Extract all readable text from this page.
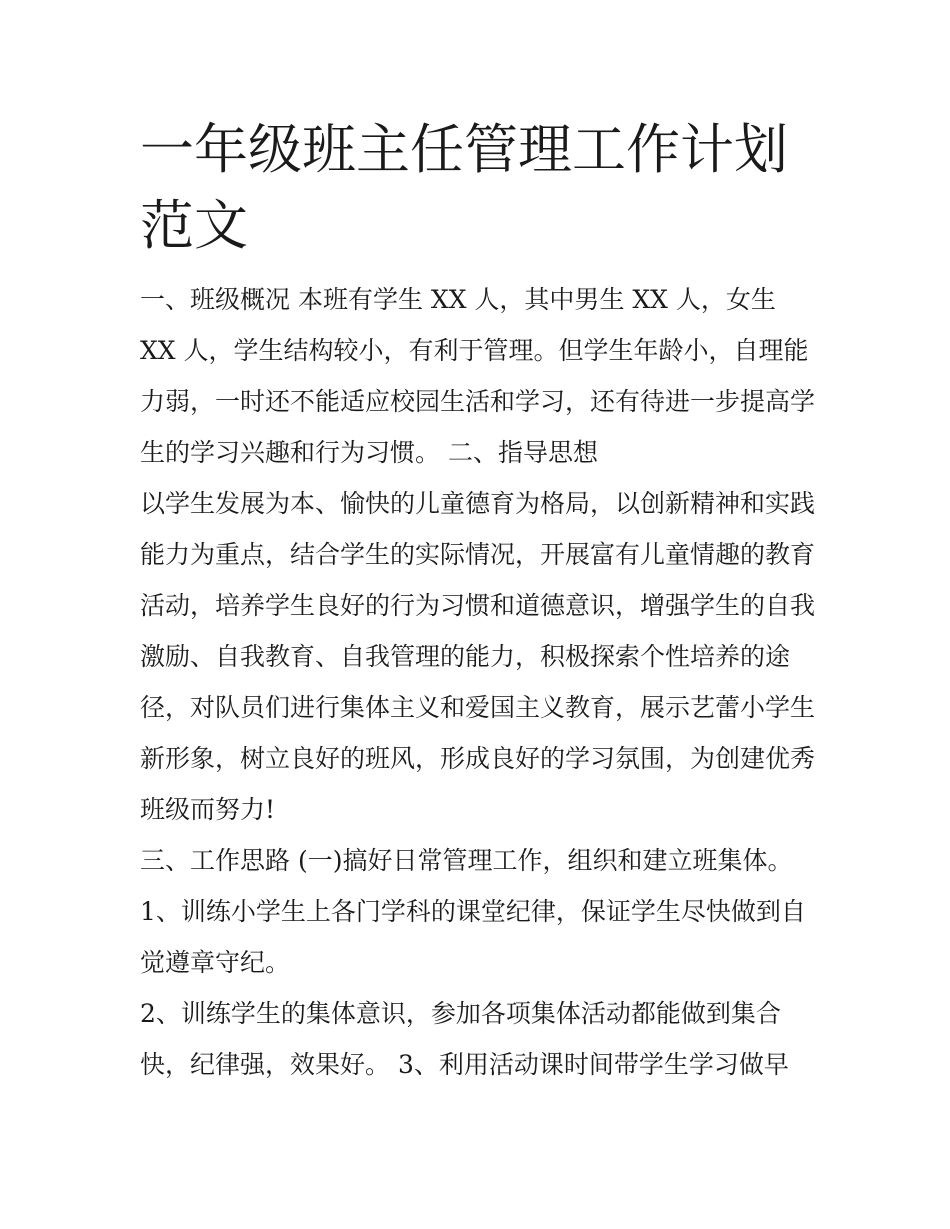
一年级班主任管理工作计划范文

一、班级概况 本班有学生 XX 人，其中男生 XX 人，女生

XX 人，学生结构较小，有利于管理。但学生年龄小，自理能

力弱，一时还不能适应校园生活和学习，还有待进一步提高学

生的学习兴趣和行为习惯。 二、指导思想

以学生发展为本、愉快的儿童德育为格局，以创新精神和实践

能力为重点，结合学生的实际情况，开展富有儿童情趣的教育

活动，培养学生良好的行为习惯和道德意识，增强学生的自我

激励、自我教育、自我管理的能力，积极探索个性培养的途

径，对队员们进行集体主义和爱国主义教育，展示艺蕾小学生

新形象，树立良好的班风，形成良好的学习氛围，为创建优秀

班级而努力!

三、工作思路 (一)搞好日常管理工作，组织和建立班集体。

1、训练小学生上各门学科的课堂纪律，保证学生尽快做到自

觉遵章守纪。

2、训练学生的集体意识，参加各项集体活动都能做到集合

快，纪律强，效果好。 3、利用活动课时间带学生学习做早
